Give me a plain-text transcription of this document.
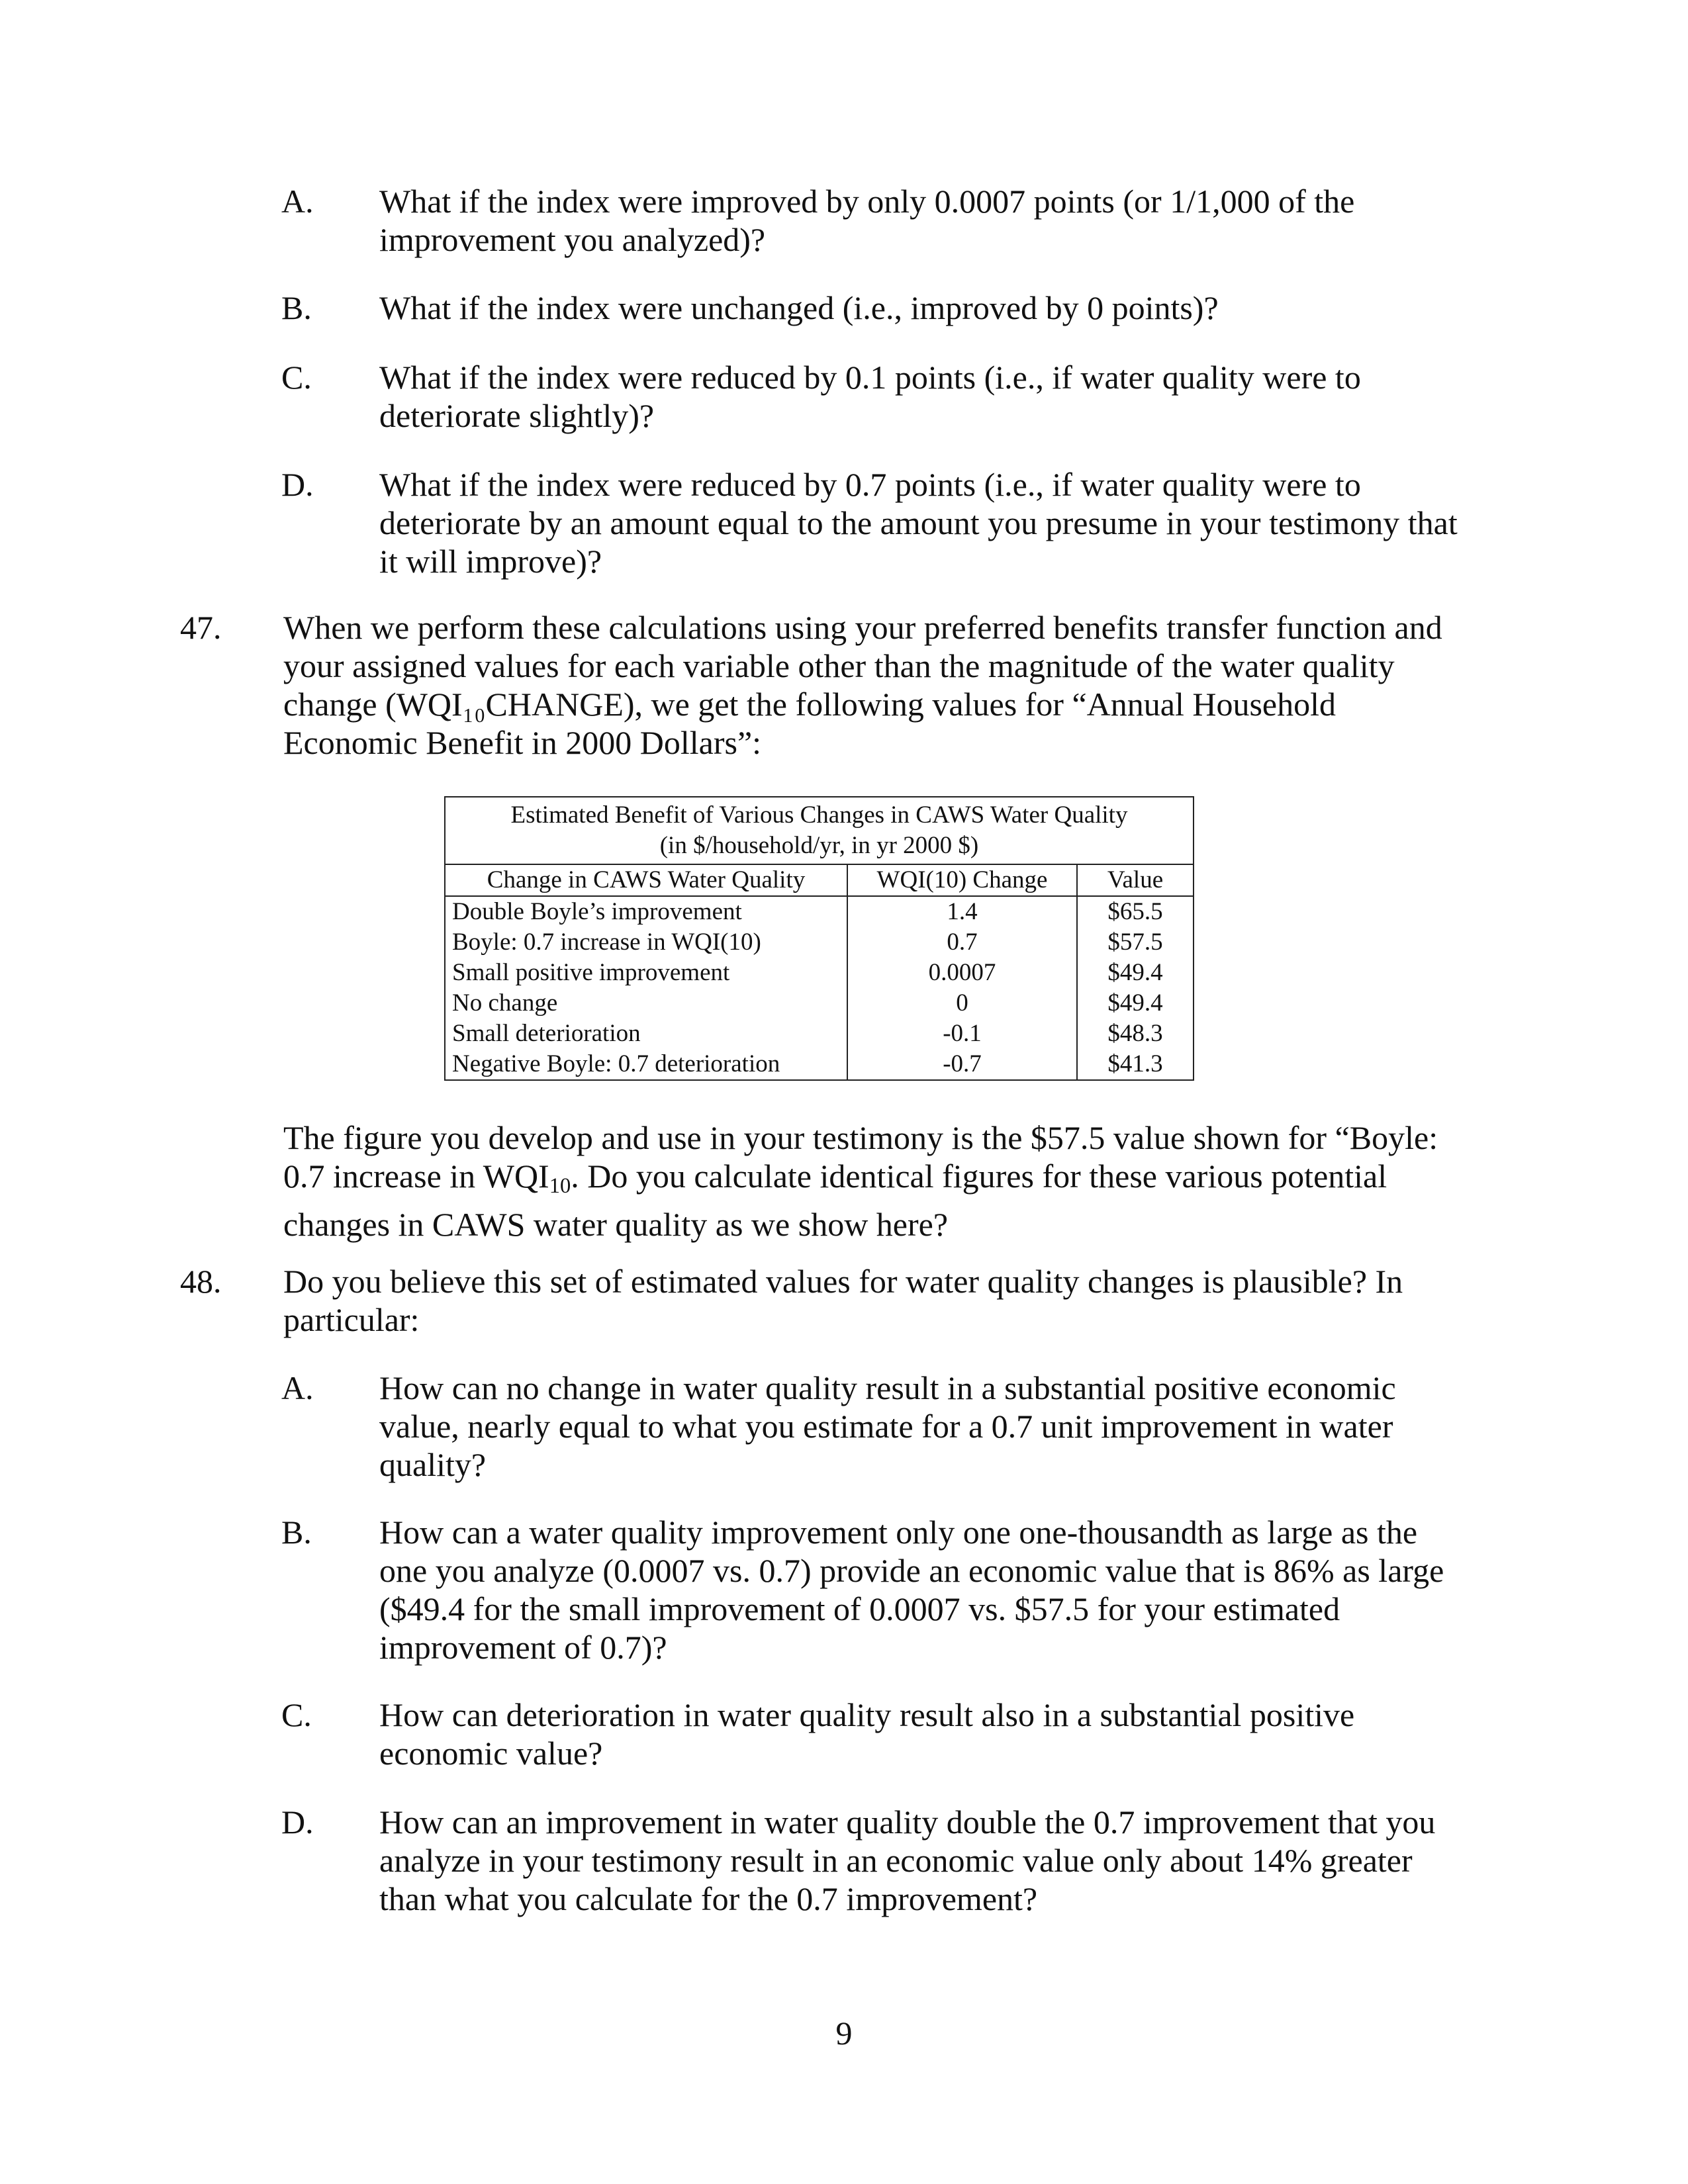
A.	What if the index were improved by only 0.0007 points (or 1/1,000 of the
improvement you analyzed)?
B.	What if the index were unchanged (i.e., improved by 0 points)?
C.	What if the index were reduced by 0.1 points (i.e., if water quality were to
deteriorate slightly)?
D.	What if the index were reduced by 0.7 points (i.e., if water quality were to
deteriorate by an amount equal to the amount you presume in your testimony that
it will improve)?
47.	When we perform these calculations using your preferred benefits transfer function and
your assigned values for each variable other than the magnitude of the water quality
change (WQI₁₀CHANGE), we get the following values for “Annual Household
Economic Benefit in 2000 Dollars”:
Estimated Benefit of Various Changes in CAWS Water Quality
(in $/household/yr, in yr 2000 $)		

Change in CAWS Water Quality	WQI(10) Change	Value
Double Boyle’s improvement	1.4	$65.5
Boyle: 0.7 increase in WQI(10)	0.7	$57.5
Small positive improvement	0.0007	$49.4
No change	0	$49.4
Small deterioration	-0.1	$48.3
Negative Boyle: 0.7 deterioration	-0.7	$41.3
The figure you develop and use in your testimony is the $57.5 value shown for “Boyle:
0.7 increase in $WQI_{10}$. Do you calculate identical figures for these various potential
changes in CAWS water quality as we show here?
48.	Do you believe this set of estimated values for water quality changes is plausible? In
particular:
A.	How can no change in water quality result in a substantial positive economic
value, nearly equal to what you estimate for a 0.7 unit improvement in water
quality?
B.	How can a water quality improvement only one one-thousandth as large as the
one you analyze (0.0007 vs. 0.7) provide an economic value that is 86% as large
($49.4 for the small improvement of 0.0007 vs. $57.5 for your estimated
improvement of 0.7)?
C.	How can deterioration in water quality result also in a substantial positive
economic value?
D.	How can an improvement in water quality double the 0.7 improvement that you
analyze in your testimony result in an economic value only about 14% greater
than what you calculate for the 0.7 improvement?
9
